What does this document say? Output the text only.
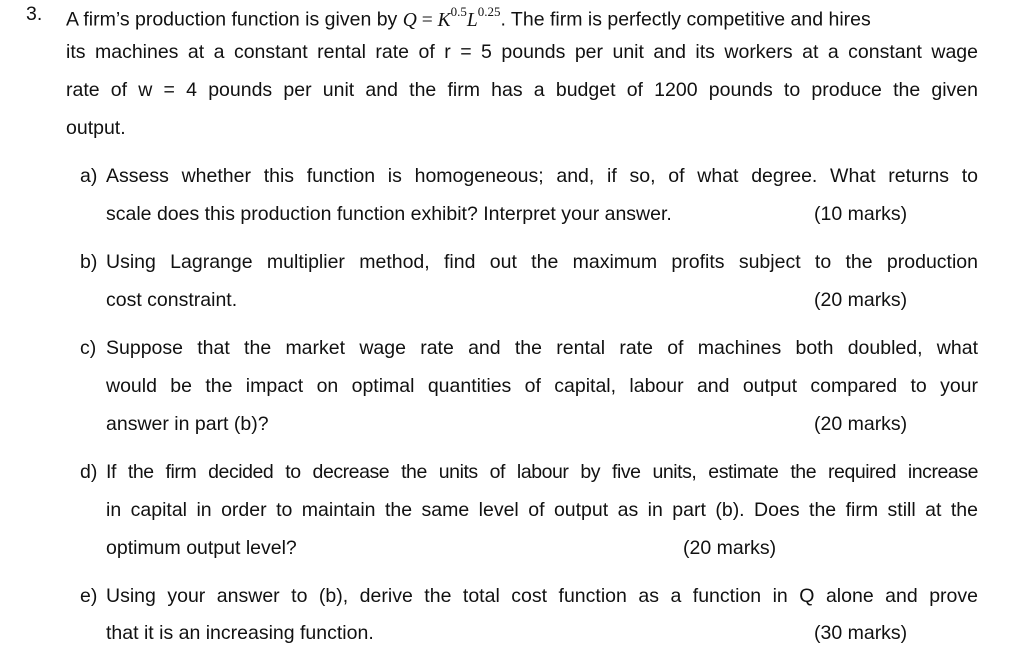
3. A firm’s production function is given by $Q = K^{0.5}L^{0.25}$. The firm is perfectly competitive and hires
its machines at a constant rental rate of r = 5 pounds per unit and its workers at a constant wage
rate of w = 4 pounds per unit and the firm has a budget of 1200 pounds to produce the given
output.
a) Assess whether this function is homogeneous; and, if so, of what degree. What returns to
scale does this production function exhibit? Interpret your answer.	(10 marks)
b) Using Lagrange multiplier method, find out the maximum profits subject to the production
cost constraint.	(20 marks)
c) Suppose that the market wage rate and the rental rate of machines both doubled, what
would be the impact on optimal quantities of capital, labour and output compared to your
answer in part (b)?	(20 marks)
d) If the firm decided to decrease the units of labour by five units, estimate the required increase
in capital in order to maintain the same level of output as in part (b). Does the firm still at the
optimum output level?	(20 marks)
e) Using your answer to (b), derive the total cost function as a function in Q alone and prove
that it is an increasing function.	(30 marks)
